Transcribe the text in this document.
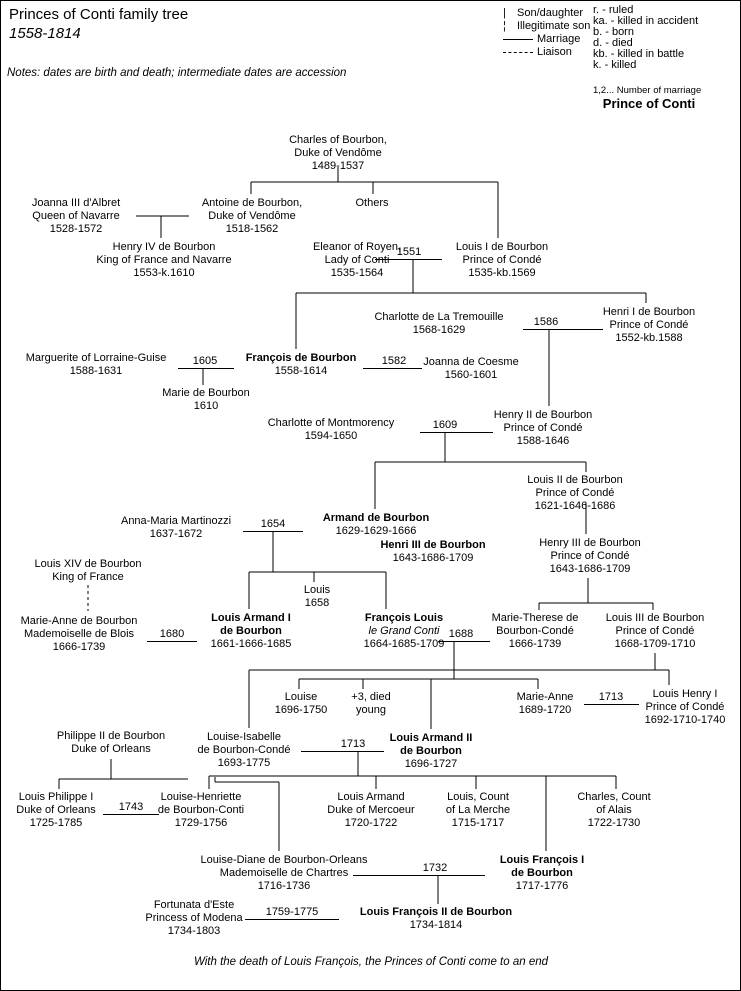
Princes of Conti family tree
1558-1814
Notes: dates are birth and death; intermediate dates are accession
| Son/daughter
¦ Illegitimate son
Marriage
Liaison
r. - ruled
ka. - killed in accident
b. - born
d. - died
kb. - killed in battle
k. - killed
1,2... Number of marriage
Prince of Conti
Charles of Bourbon,
Duke of Vendôme
1489-1537
Joanna III d'Albret
Queen of Navarre
1528-1572
Antoine de Bourbon,
Duke of Vendôme
1518-1562
Others
Henry IV de Bourbon
King of France and Navarre
1553-k.1610
Eleanor of Royen,
Lady of Conti
1535-1564
Louis I de Bourbon
Prince of Condé
1535-kb.1569
Charlotte de La Tremouille
1568-1629
Henri I de Bourbon
Prince of Condé
1552-kb.1588
Marguerite of Lorraine-Guise
1588-1631
François de Bourbon
1558-1614
Joanna de Coesme
1560-1601
Marie de Bourbon
1610
Charlotte of Montmorency
1594-1650
Henry II de Bourbon
Prince of Condé
1588-1646
Louis II de Bourbon
Prince of Condé
1621-1646-1686
Anna-Maria Martinozzi
1637-1672
Armand de Bourbon
1629-1629-1666
Henri III de Bourbon
1643-1686-1709
Henry III de Bourbon
Prince of Condé
1643-1686-1709
Louis XIV de Bourbon
King of France
Louis
1658
Marie-Anne de Bourbon
Mademoiselle de Blois
1666-1739
Louis Armand I
de Bourbon
1661-1666-1685
François Louis
le Grand Conti
1664-1685-1709
Marie-Therese de
Bourbon-Condé
1666-1739
Louis III de Bourbon
Prince of Condé
1668-1709-1710
Louise
1696-1750
+3, died
young
Marie-Anne
1689-1720
Louis Henry I
Prince of Condé
1692-1710-1740
Philippe II de Bourbon
Duke of Orleans
Louise-Isabelle
de Bourbon-Condé
1693-1775
Louis Armand II
de Bourbon
1696-1727
Louis Philippe I
Duke of Orleans
1725-1785
Louise-Henriette
de Bourbon-Conti
1729-1756
Louis Armand
Duke of Mercoeur
1720-1722
Louis, Count
of La Merche
1715-1717
Charles, Count
of Alais
1722-1730
Louise-Diane de Bourbon-Orleans
Mademoiselle de Chartres
1716-1736
Louis François I
de Bourbon
1717-1776
Fortunata d'Este
Princess of Modena
1734-1803
Louis François II de Bourbon
1734-1814
1551
1586
1605	1582
1609
1654
1680	1688
1713
1713
1743
1732
1759-1775
With the death of Louis François, the Princes of Conti come to an end
